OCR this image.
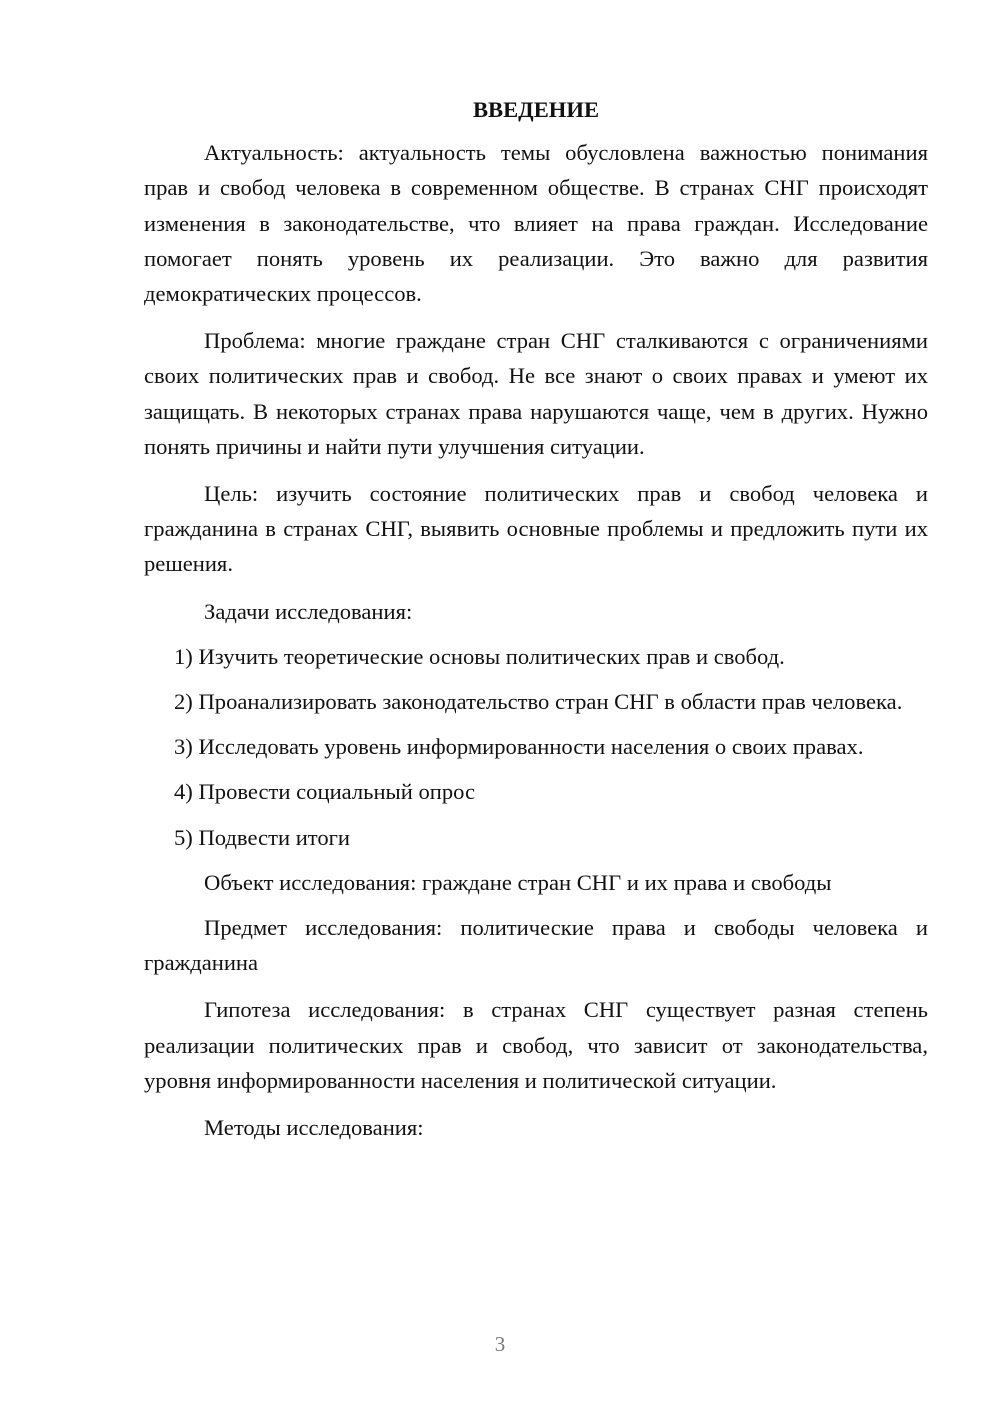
ВВЕДЕНИЕ

Актуальность: актуальность темы обусловлена важностью понимания прав и свобод человека в современном обществе. В странах СНГ происходят изменения в законодательстве, что влияет на права граждан. Исследование помогает понять уровень их реализации. Это важно для развития демократических процессов.

Проблема: многие граждане стран СНГ сталкиваются с ограничениями своих политических прав и свобод. Не все знают о своих правах и умеют их защищать. В некоторых странах права нарушаются чаще, чем в других. Нужно понять причины и найти пути улучшения ситуации.

Цель: изучить состояние политических прав и свобод человека и гражданина в странах СНГ, выявить основные проблемы и предложить пути их решения.

Задачи исследования:

1) Изучить теоретические основы политических прав и свобод.

2) Проанализировать законодательство стран СНГ в области прав человека.

3) Исследовать уровень информированности населения о своих правах.

4) Провести социальный опрос

5) Подвести итоги

Объект исследования: граждане стран СНГ и их права и свободы

Предмет исследования: политические права и свободы человека и гражданина

Гипотеза исследования: в странах СНГ существует разная степень реализации политических прав и свобод, что зависит от законодательства, уровня информированности населения и политической ситуации.

Методы исследования:

3
